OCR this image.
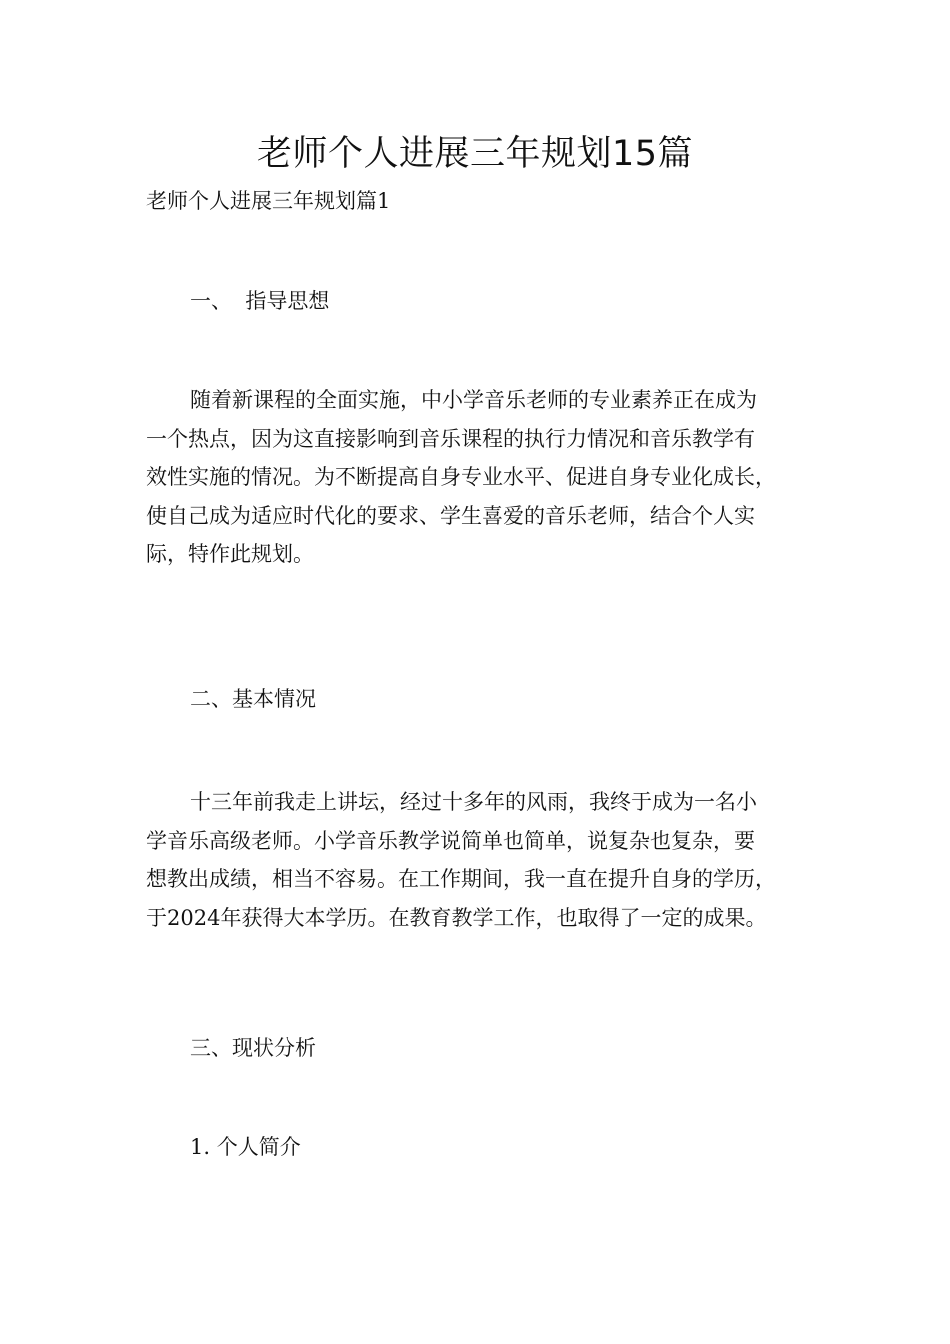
老师个人进展三年规划15篇

老师个人进展三年规划篇1

一、  指导思想

随着新课程的全面实施，中小学音乐老师的专业素养正在成为
一个热点，因为这直接影响到音乐课程的执行力情况和音乐教学有
效性实施的情况。为不断提高自身专业水平、促进自身专业化成长，
使自己成为适应时代化的要求、学生喜爱的音乐老师，结合个人实
际，特作此规划。

二、基本情况

十三年前我走上讲坛，经过十多年的风雨，我终于成为一名小
学音乐高级老师。小学音乐教学说简单也简单，说复杂也复杂，要
想教出成绩，相当不容易。在工作期间，我一直在提升自身的学历，
于2024年获得大本学历。在教育教学工作，也取得了一定的成果。

三、现状分析

1. 个人简介
